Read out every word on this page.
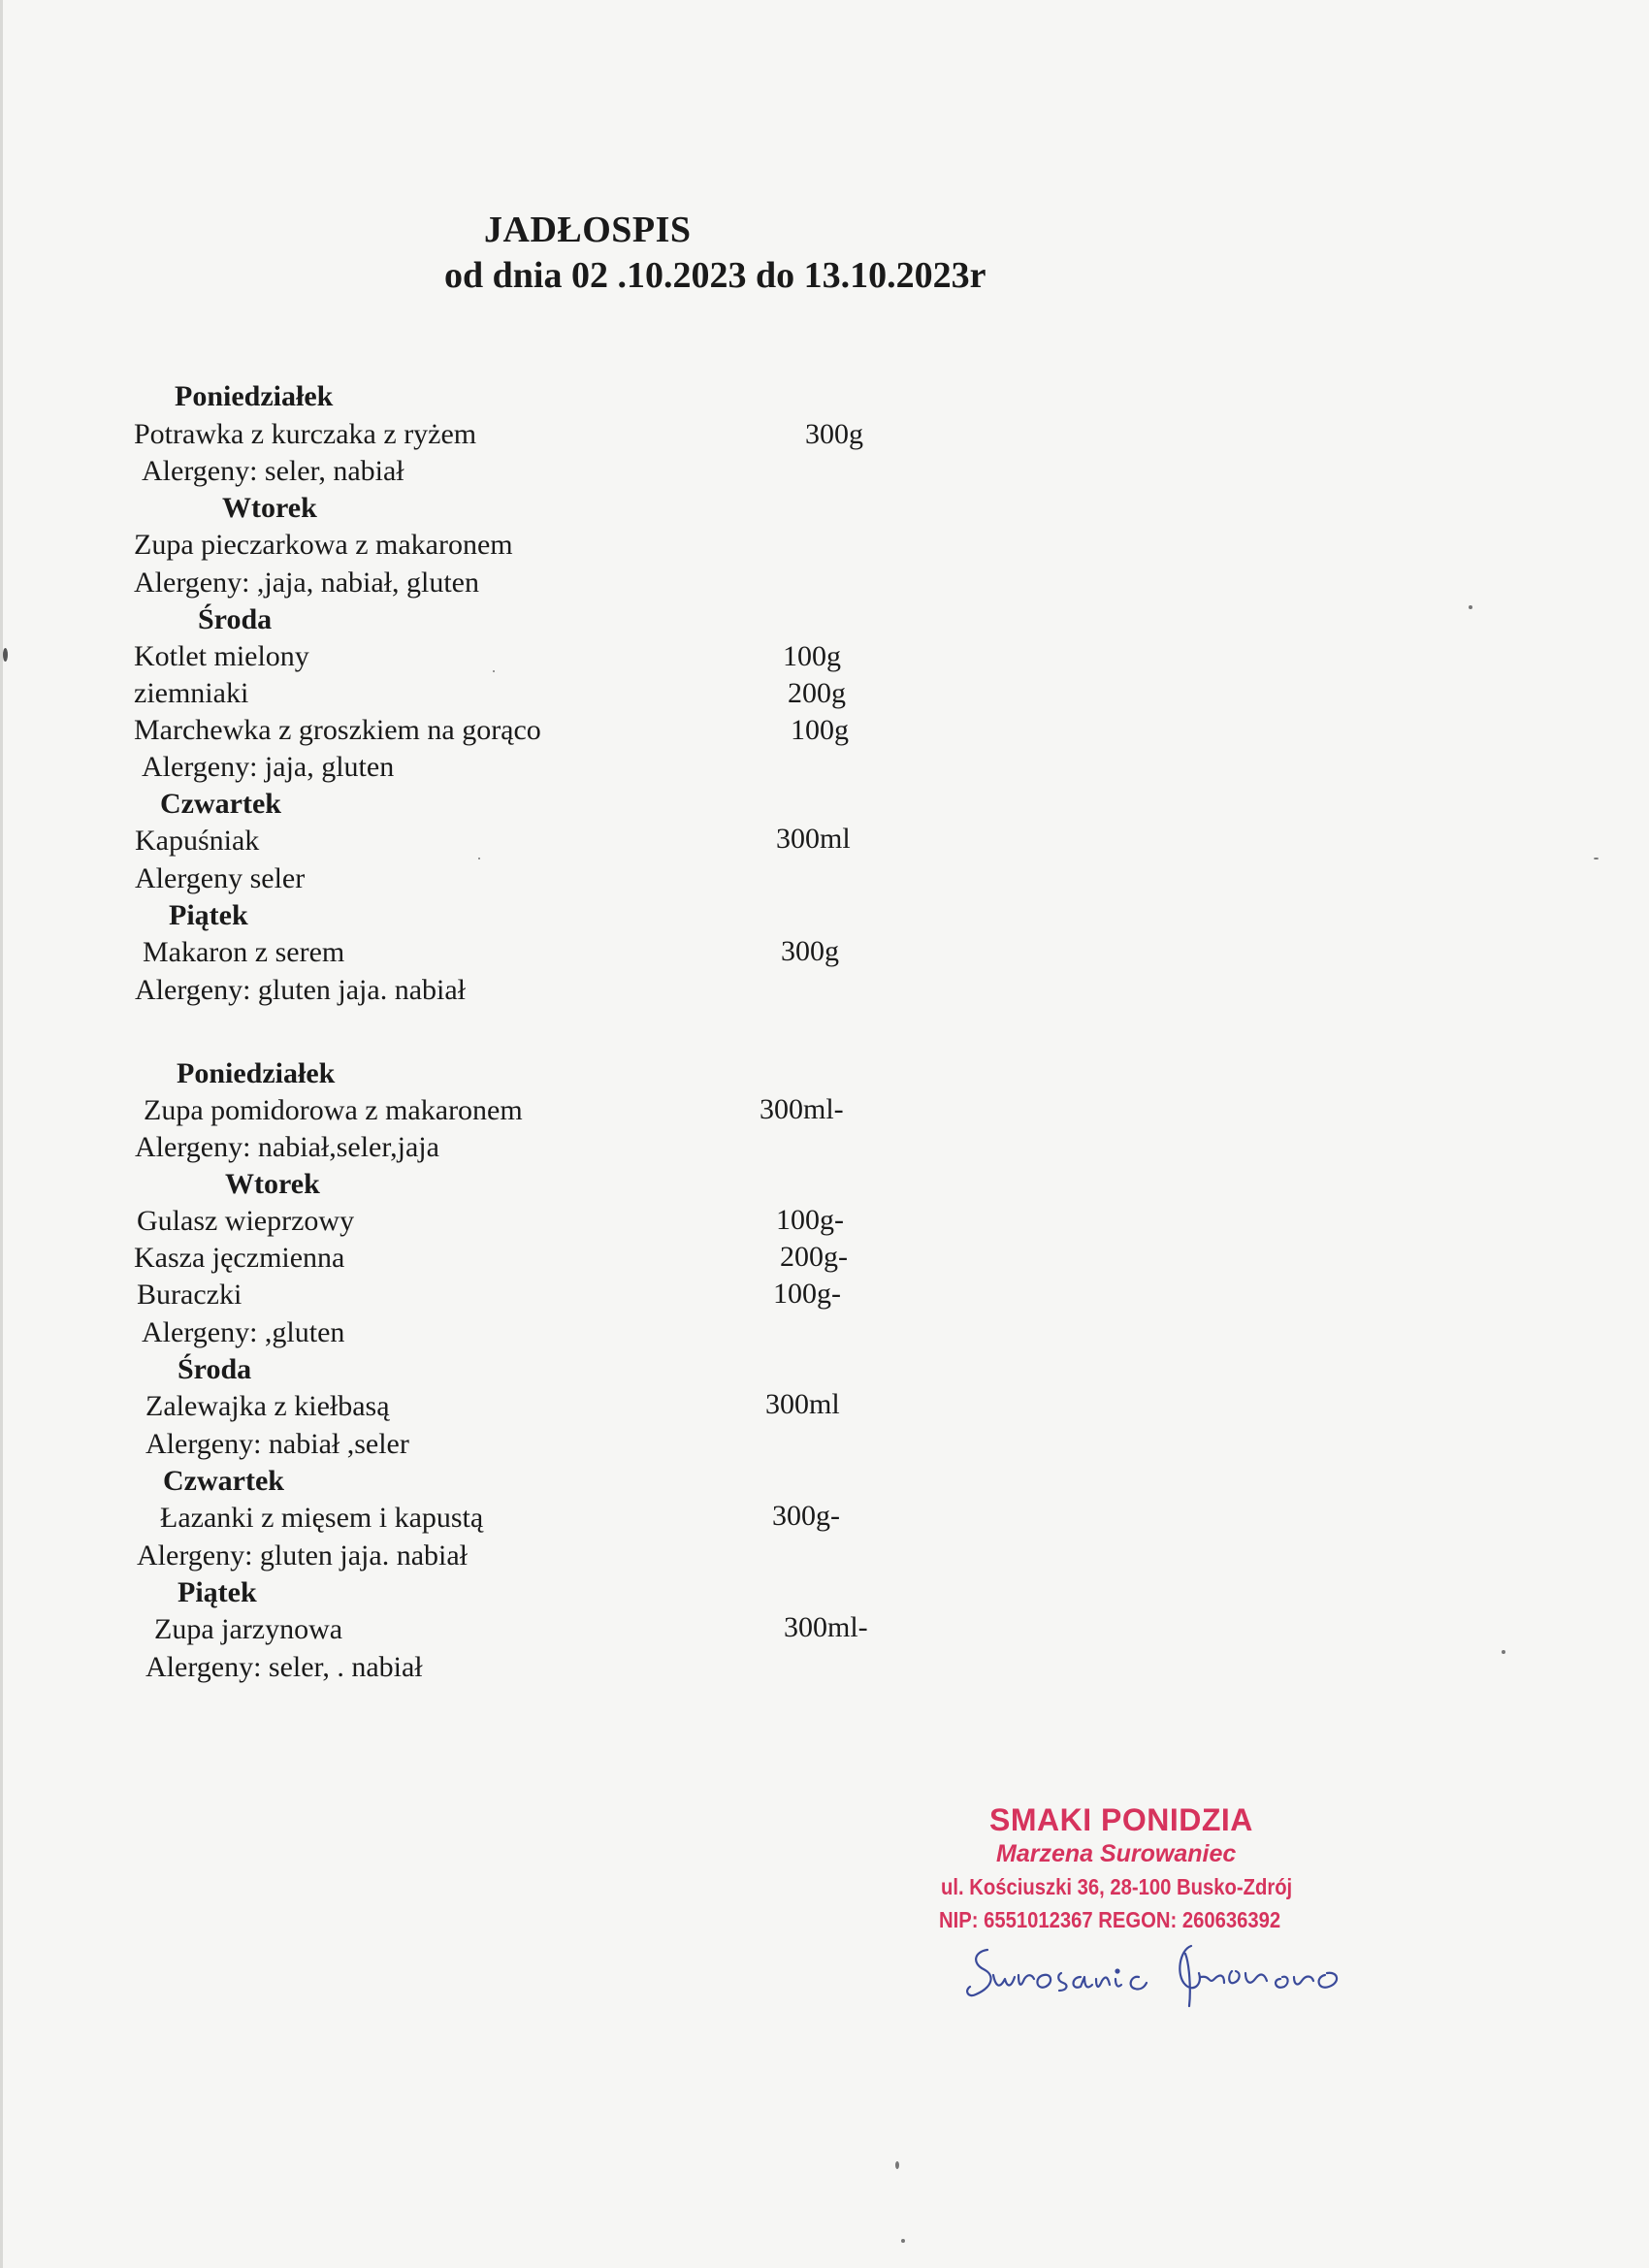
JADŁOSPIS
od dnia 02 .10.2023 do 13.10.2023r
Poniedziałek
Potrawka z kurczaka z ryżem	300g
Alergeny: seler, nabiał
Wtorek
Zupa pieczarkowa z makaronem
Alergeny: ,jaja, nabiał, gluten
Środa
Kotlet mielony	100g
ziemniaki	200g
Marchewka z groszkiem na gorąco	100g
Alergeny: jaja, gluten
Czwartek
Kapuśniak	300ml
Alergeny seler
Piątek
Makaron z serem	300g
Alergeny: gluten jaja. nabiał
Poniedziałek
Zupa pomidorowa z makaronem	300ml-
Alergeny: nabiał,seler,jaja
Wtorek
Gulasz wieprzowy	100g-
Kasza jęczmienna	200g-
Buraczki	100g-
Alergeny: ,gluten
Środa
Zalewajka z kiełbasą	300ml
Alergeny: nabiał ,seler
Czwartek
Łazanki z mięsem i kapustą	300g-
Alergeny: gluten jaja. nabiał
Piątek
Zupa jarzynowa	300ml-
Alergeny: seler, . nabiał
SMAKI PONIDZIA
Marzena Surowaniec
ul. Kościuszki 36, 28-100 Busko-Zdrój
NIP: 6551012367 REGON: 260636392
